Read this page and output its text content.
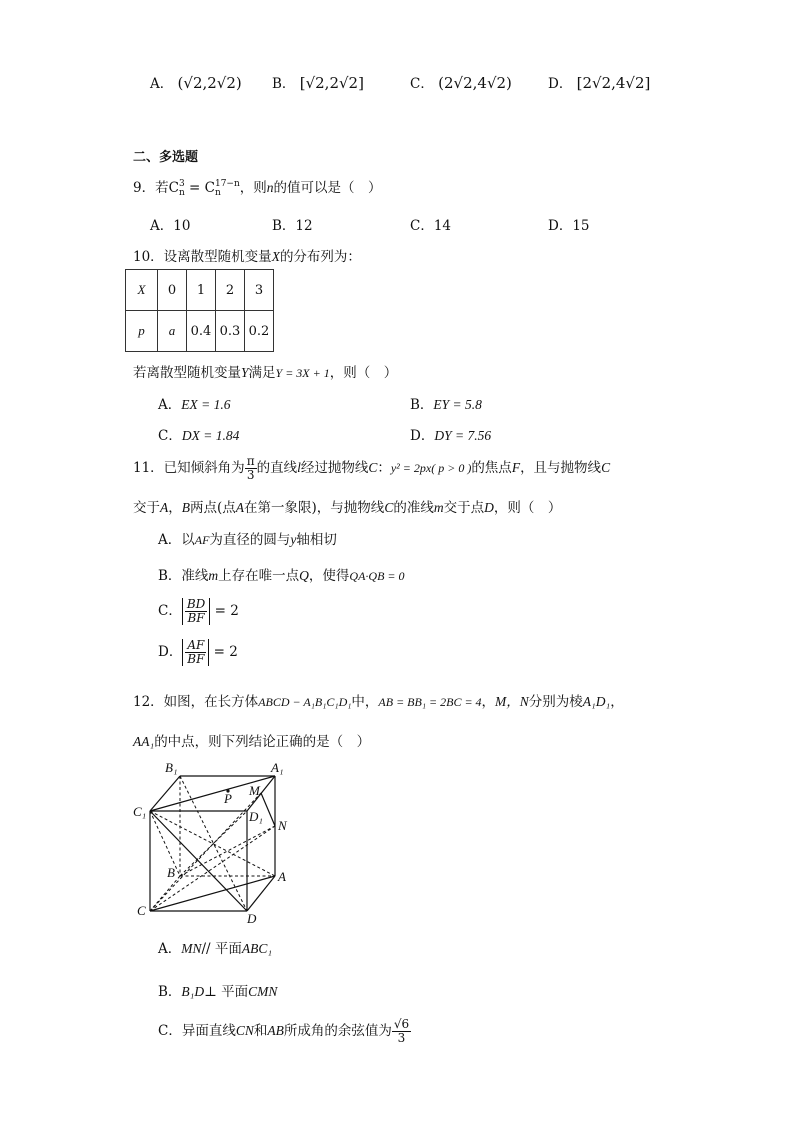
A． (√2,2√2) B． [√2,2√2]	C． (2√2,4√2)	D． [2√2,4√2]
二、多选题
9．若C 3
n = C 17−n
n	，则n的值可以是（　）
A．10	B．12	C．14	D．15
10．设离散型随机变量X的分布列为：
X	0	1	2	3
p	a	0.4	0.3	0.2
若离散型随机变量Y满足Y = 3X + 1，则（　）
A．EX = 1.6	B．EY = 5.8
C．DX = 1.84	D．DY = 7.56
11．已知倾斜角为 $\frac{\pi}{3}$ 的直线l经过抛物线C：y² = 2px( p > 0 )的焦点F，且与抛物线C
交于A，B两点(点A在第一象限)，与抛物线C的准线m交于点D，则（　）
A．以AF为直径的圆与y轴相切
B．准线m上存在唯一点Q，使得QA·QB = 0
C． $\frac{BD}{BF} = 2$
D． $\frac{AF}{BF} = 2$
12．如图，在长方体ABCD − A₁B₁C₁D₁中，AB = BB₁ = 2BC = 4，M，N分别为棱A₁D₁，
AA₁的中点，则下列结论正确的是（　）
B₁	A₁
P
M
C₁	D₁
N
B	A
C
D
A．MN// 平面ABC₁
B．B₁D⊥ 平面CMN
C．异面直线CN和AB所成角的余弦值为 $\frac{√6}{3}$
